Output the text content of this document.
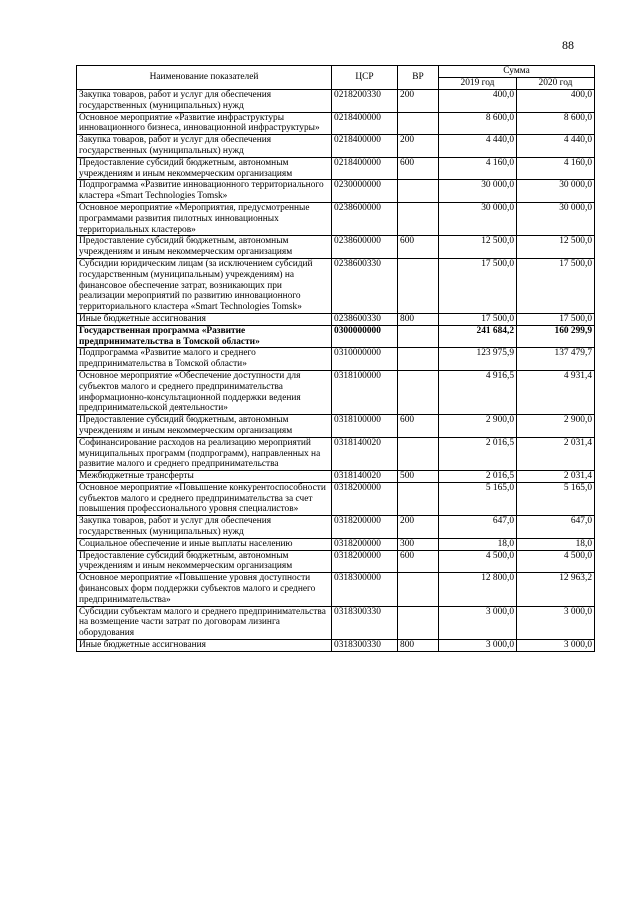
88
Наименование показателей	ЦСР	ВР	Сумма	
			2019 год	2020 год
Закупка товаров, работ и услуг для обеспечения государственных (муниципальных) нужд	0218200330	200	400,0	400,0
Основное мероприятие «Развитие инфраструктуры инновационного бизнеса, инновационной инфраструктуры»	0218400000		8 600,0	8 600,0
Закупка товаров, работ и услуг для обеспечения государственных (муниципальных) нужд	0218400000	200	4 440,0	4 440,0
Предоставление субсидий бюджетным, автономным учреждениям и иным некоммерческим организациям	0218400000	600	4 160,0	4 160,0
Подпрограмма «Развитие инновационного территориального кластера «Smart Technologies Tomsk»	0230000000		30 000,0	30 000,0
Основное мероприятие «Мероприятия, предусмотренные программами развития пилотных инновационных территориальных кластеров»	0238600000		30 000,0	30 000,0
Предоставление субсидий бюджетным, автономным учреждениям и иным некоммерческим организациям	0238600000	600	12 500,0	12 500,0
Субсидии юридическим лицам (за исключением субсидий государственным (муниципальным) учреждениям) на финансовое обеспечение затрат, возникающих при реализации мероприятий по развитию инновационного территориального кластера «Smart Technologies Tomsk»	0238600330		17 500,0	17 500,0
Иные бюджетные ассигнования	0238600330	800	17 500,0	17 500,0
Государственная программа «Развитие предпринимательства в Томской области»	0300000000		241 684,2	160 299,9
Подпрограмма «Развитие малого и среднего предпринимательства в Томской области»	0310000000		123 975,9	137 479,7
Основное мероприятие «Обеспечение доступности для субъектов малого и среднего предпринимательства информационно-консультационной поддержки ведения предпринимательской деятельности»	0318100000		4 916,5	4 931,4
Предоставление субсидий бюджетным, автономным учреждениям и иным некоммерческим организациям	0318100000	600	2 900,0	2 900,0
Софинансирование расходов на реализацию мероприятий муниципальных программ (подпрограмм), направленных на развитие малого и среднего предпринимательства	0318140020		2 016,5	2 031,4
Межбюджетные трансферты	0318140020	500	2 016,5	2 031,4
Основное мероприятие «Повышение конкурентоспособности субъектов малого и среднего предпринимательства за счет повышения профессионального уровня специалистов»	0318200000		5 165,0	5 165,0
Закупка товаров, работ и услуг для обеспечения государственных (муниципальных) нужд	0318200000	200	647,0	647,0
Социальное обеспечение и иные выплаты населению	0318200000	300	18,0	18,0
Предоставление субсидий бюджетным, автономным учреждениям и иным некоммерческим организациям	0318200000	600	4 500,0	4 500,0
Основное мероприятие «Повышение уровня доступности финансовых форм поддержки субъектов малого и среднего предпринимательства»	0318300000		12 800,0	12 963,2
Субсидии субъектам малого и среднего предпринимательства на возмещение части затрат по договорам лизинга оборудования	0318300330		3 000,0	3 000,0
Иные бюджетные ассигнования	0318300330	800	3 000,0	3 000,0
